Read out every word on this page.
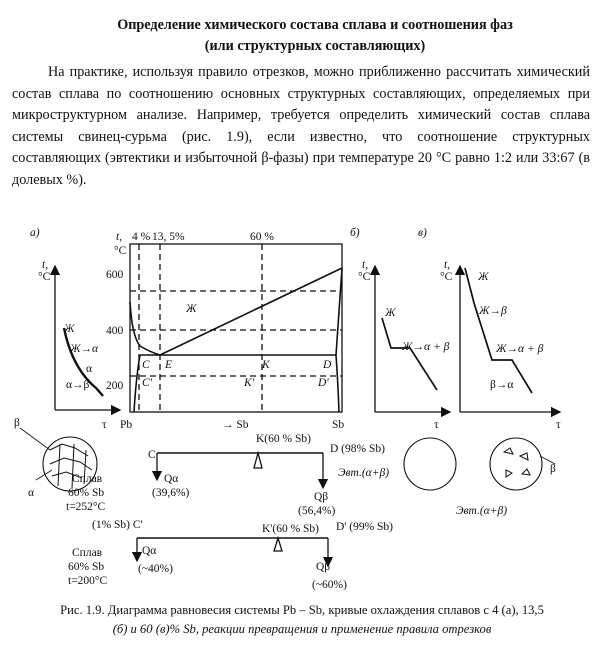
Определение химического состава сплава и соотношения фаз
(или структурных составляющих)
На практике, используя правило отрезков, можно приближенно рассчитать химический состав сплава по соотношению основных структурных составляющих, определяемых при микроструктурном анализе. Например, требуется определить химический состав сплава системы свинец-сурьма (рис. 1.9), если известно, что соотношение структурных составляющих (эвтектики и избыточной β-фазы) при температуре 20 °С равно 1:2 или 33:67 (в долевых %).
а)	б)	в)
t,
°C
t,
°C
4 % 13, 5%	60 %
600
400
200
τ Pb	→ Sb	Sb	τ	τ
Ж
Ж→α
α
α→β
Ж
C E	K	D
C'	K'	D'
t,
°C
Ж
Ж→α + β
t,
°C Ж
Ж→β
Ж→α + β
β→α
β
α
β
K(60 % Sb)
D (98% Sb)
C
Qα
(39,6%)	Qβ
(56,4%)
Сплав
60% Sb
t=252°C
Эвт.(α+β)
Эвт.(α+β)
(1% Sb) C'	K'(60 % Sb) D' (99% Sb)
Qα
(~40%)	Qβ
(~60%)
Сплав
60% Sb
t=200°C
Рис. 1.9. Диаграмма равновесия системы Pb – Sb, кривые охлаждения сплавов с 4 (а), 13,5
(б) и 60 (в)% Sb, реакции превращения и применение правила отрезков
